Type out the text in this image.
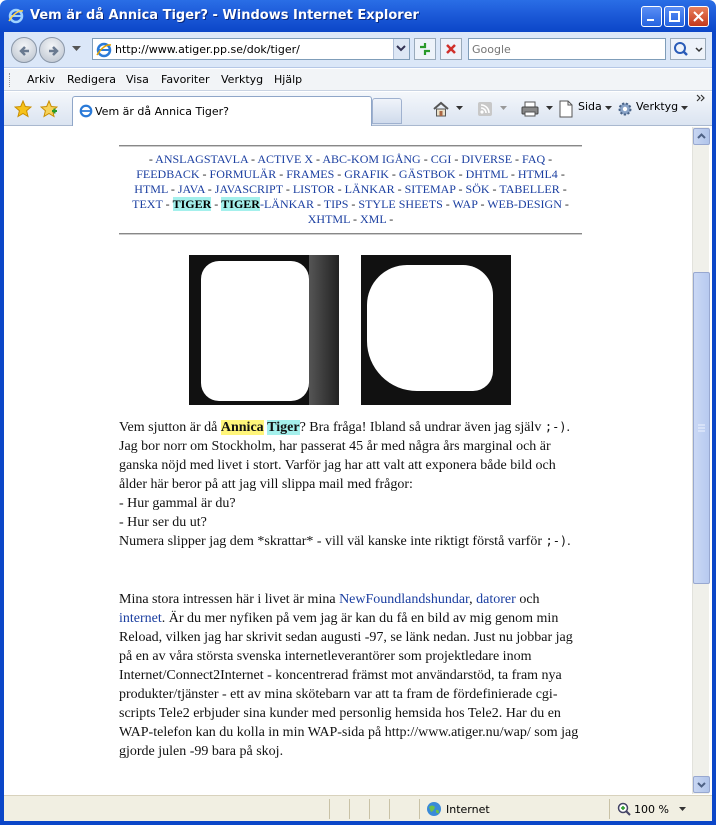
Vem är då Annica Tiger? - Windows Internet Explorer
http://www.atiger.pp.se/dok/tiger/
Google
Arkiv Redigera Visa Favoriter Verktyg Hjälp
Vem är då Annica Tiger?	Sida	Verktyg
- ANSLAGSTAVLA - ACTIVE X - ABC-KOM IGÅNG - CGI - DIVERSE - FAQ - FEEDBACK - FORMULÄR - FRAMES - GRAFIK - GÄSTBOK - DHTML - HTML4 - HTML - JAVA - JAVASCRIPT - LISTOR - LÄNKAR - SITEMAP - SÖK - TABELLER - TEXT - TIGER - TIGER-LÄNKAR - TIPS - STYLE SHEETS - WAP - WEB-DESIGN - XHTML - XML -
Vem sjutton är då Annica Tiger? Bra fråga! Ibland så undrar även jag själv ;-). Jag bor norr om Stockholm, har passerat 45 år med några års marginal och är ganska nöjd med livet i stort. Varför jag har att valt att exponera både bild och ålder här beror på att jag vill slippa mail med frågor:
- Hur gammal är du?
- Hur ser du ut?
Numera slipper jag dem *skrattar* - vill väl kanske inte riktigt förstå varför ;-).
Mina stora intressen här i livet är mina NewFoundlandshundar, datorer och internet. Är du mer nyfiken på vem jag är kan du få en bild av mig genom min Reload, vilken jag har skrivit sedan augusti -97, se länk nedan. Just nu jobbar jag på en av våra största svenska internetleverantörer som projektledare inom Internet/Connect2Internet - koncentrerad främst mot användarstöd, ta fram nya produkter/tjänster - ett av mina skötebarn var att ta fram de fördefinierade cgi-scripts Tele2 erbjuder sina kunder med personlig hemsida hos Tele2. Har du en WAP-telefon kan du kolla in min WAP-sida på http://www.atiger.nu/wap/ som jag gjorde julen -99 bara på skoj.
Internet	100 %
